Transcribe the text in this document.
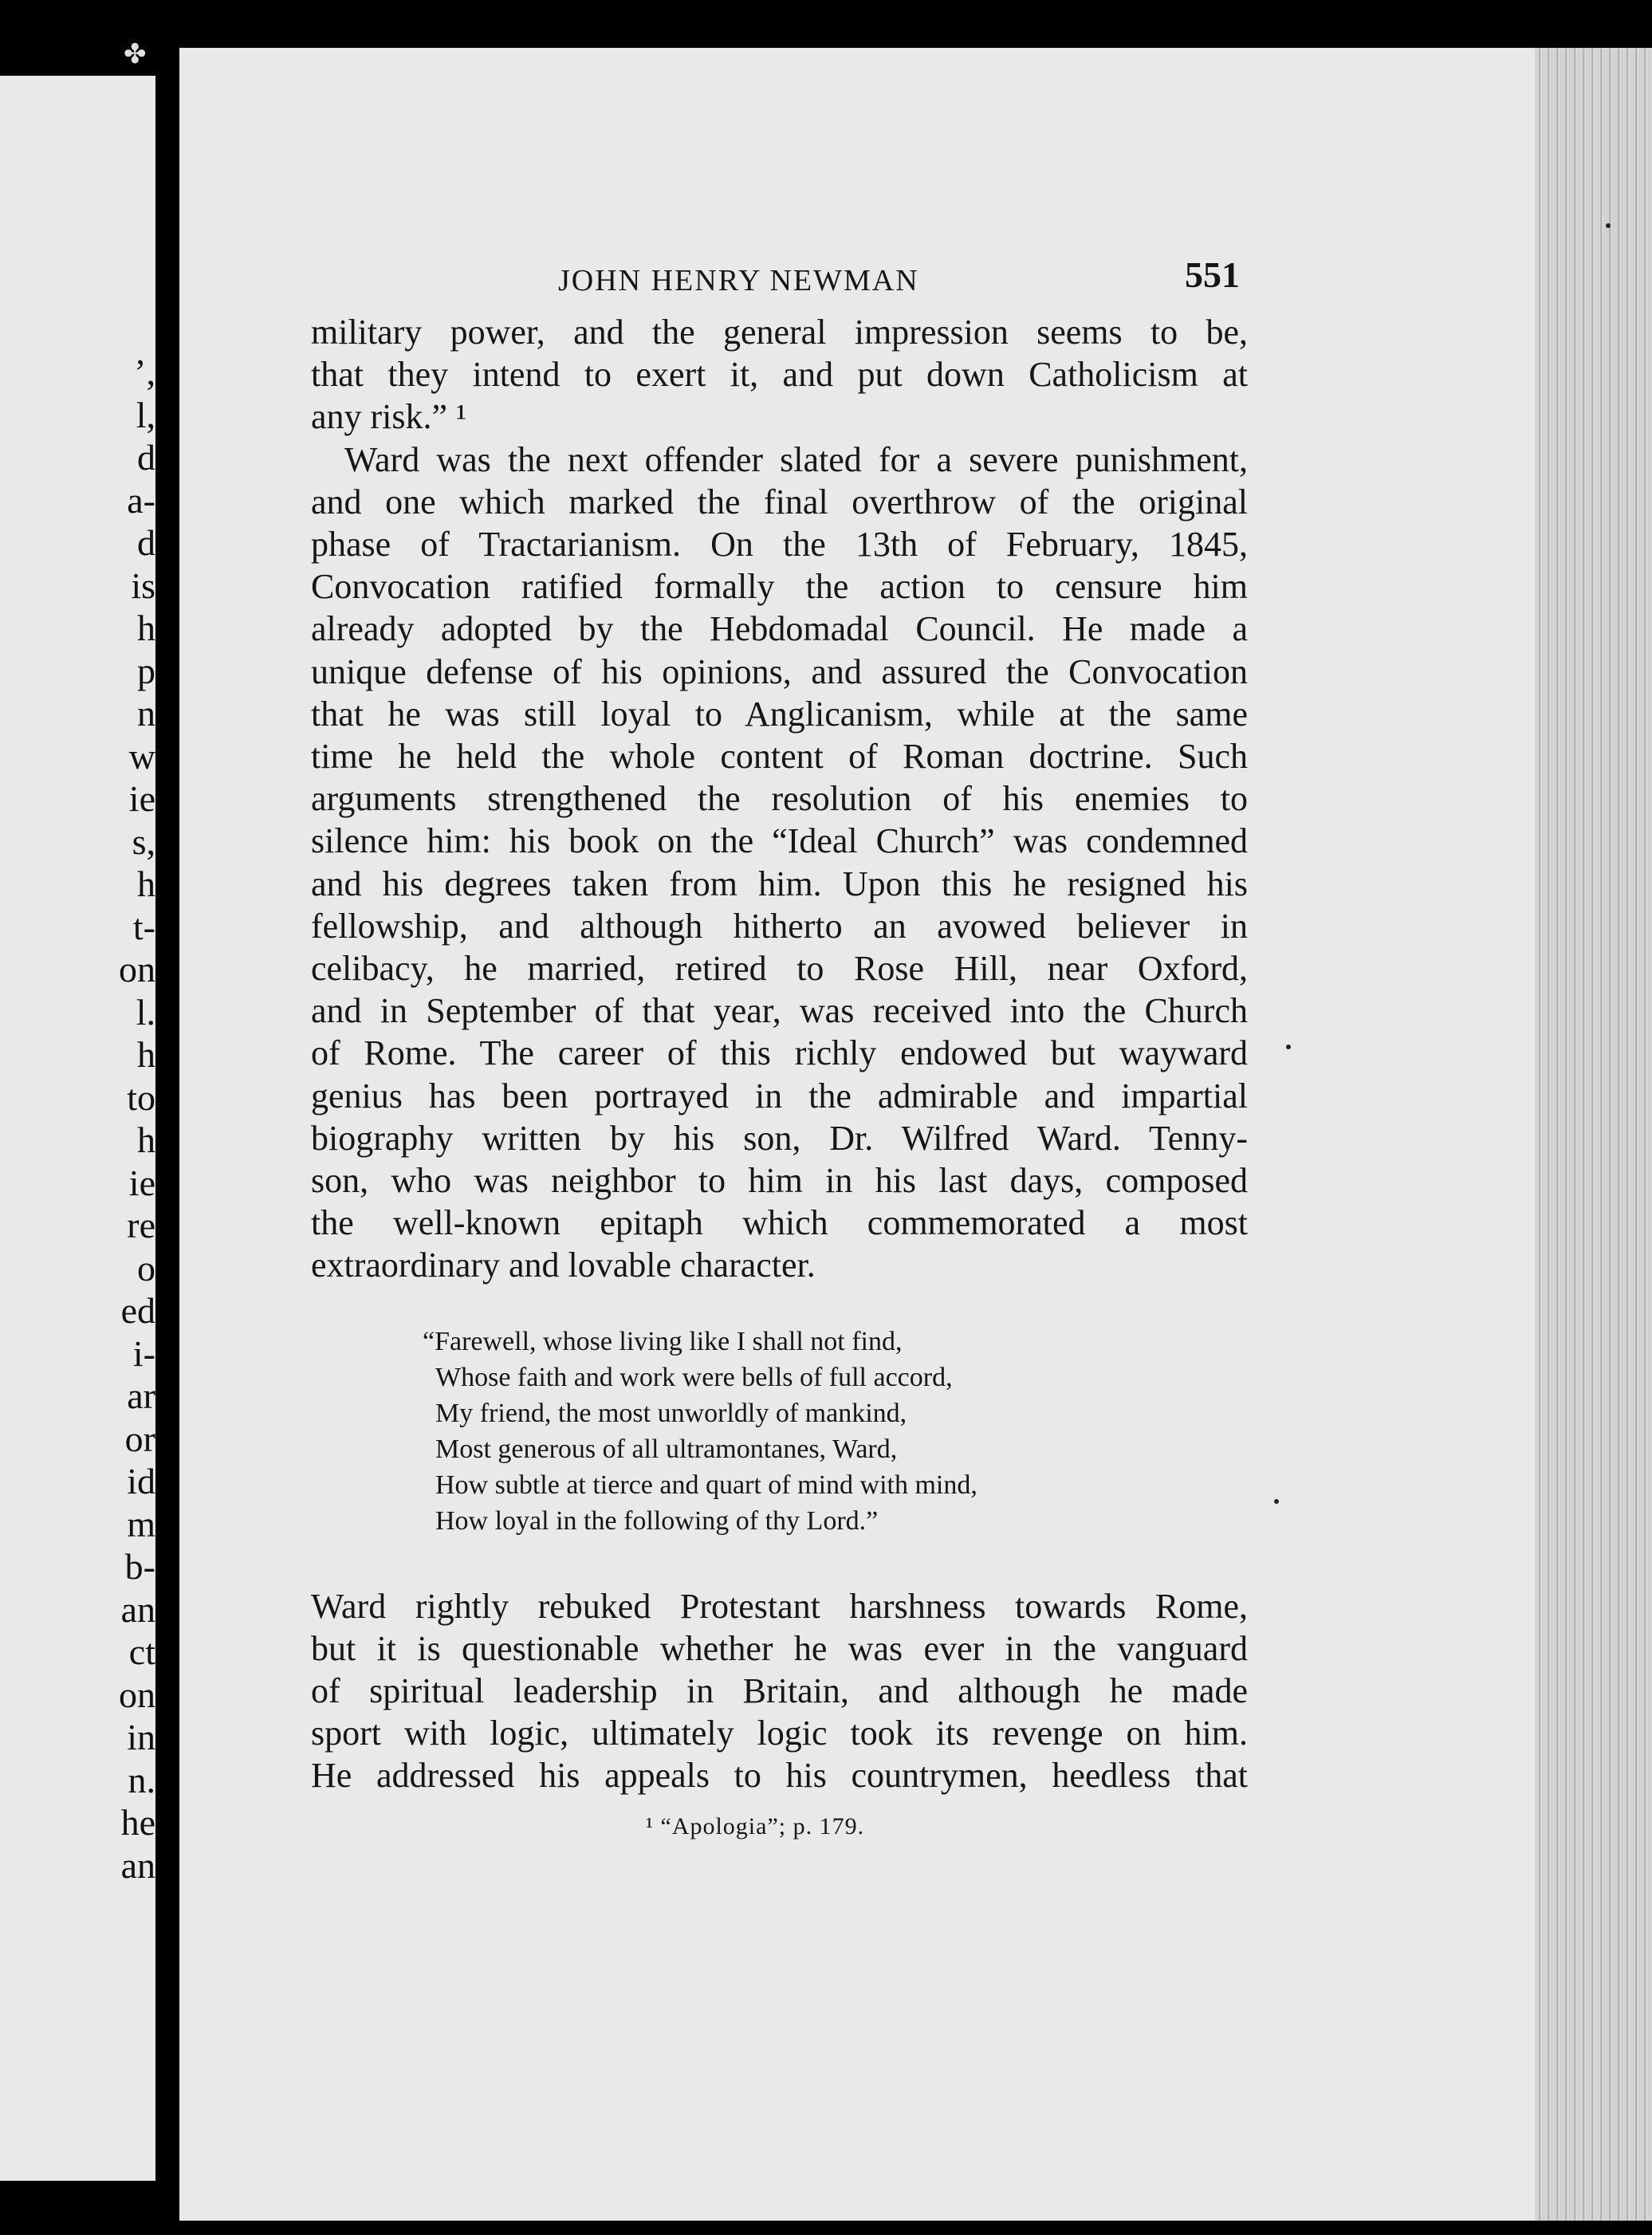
✤
’,
l,
d
a-
d
is
h
p
n
w
ie
s,
h
t-
on
l.
h
to
h
ie
re
o
ed
i-
ar
or
id
m
b-
an
ct
on
in
n.
he
an
JOHN HENRY NEWMAN	551
military power, and the general impression seems to be,
that they intend to exert it, and put down Catholicism at
any risk.” ¹
Ward was the next offender slated for a severe punishment,
and one which marked the final overthrow of the original
phase of Tractarianism. On the 13th of February, 1845,
Convocation ratified formally the action to censure him
already adopted by the Hebdomadal Council. He made a
unique defense of his opinions, and assured the Convocation
that he was still loyal to Anglicanism, while at the same
time he held the whole content of Roman doctrine. Such
arguments strengthened the resolution of his enemies to
silence him: his book on the “Ideal Church” was condemned
and his degrees taken from him. Upon this he resigned his
fellowship, and although hitherto an avowed believer in
celibacy, he married, retired to Rose Hill, near Oxford,
and in September of that year, was received into the Church
of Rome. The career of this richly endowed but wayward
genius has been portrayed in the admirable and impartial
biography written by his son, Dr. Wilfred Ward. Tenny-
son, who was neighbor to him in his last days, composed
the well-known epitaph which commemorated a most
extraordinary and lovable character.
“Farewell, whose living like I shall not find,
Whose faith and work were bells of full accord,
My friend, the most unworldly of mankind,
Most generous of all ultramontanes, Ward,
How subtle at tierce and quart of mind with mind,
How loyal in the following of thy Lord.”
Ward rightly rebuked Protestant harshness towards Rome,
but it is questionable whether he was ever in the vanguard
of spiritual leadership in Britain, and although he made
sport with logic, ultimately logic took its revenge on him.
He addressed his appeals to his countrymen, heedless that
¹ “Apologia”; p. 179.
